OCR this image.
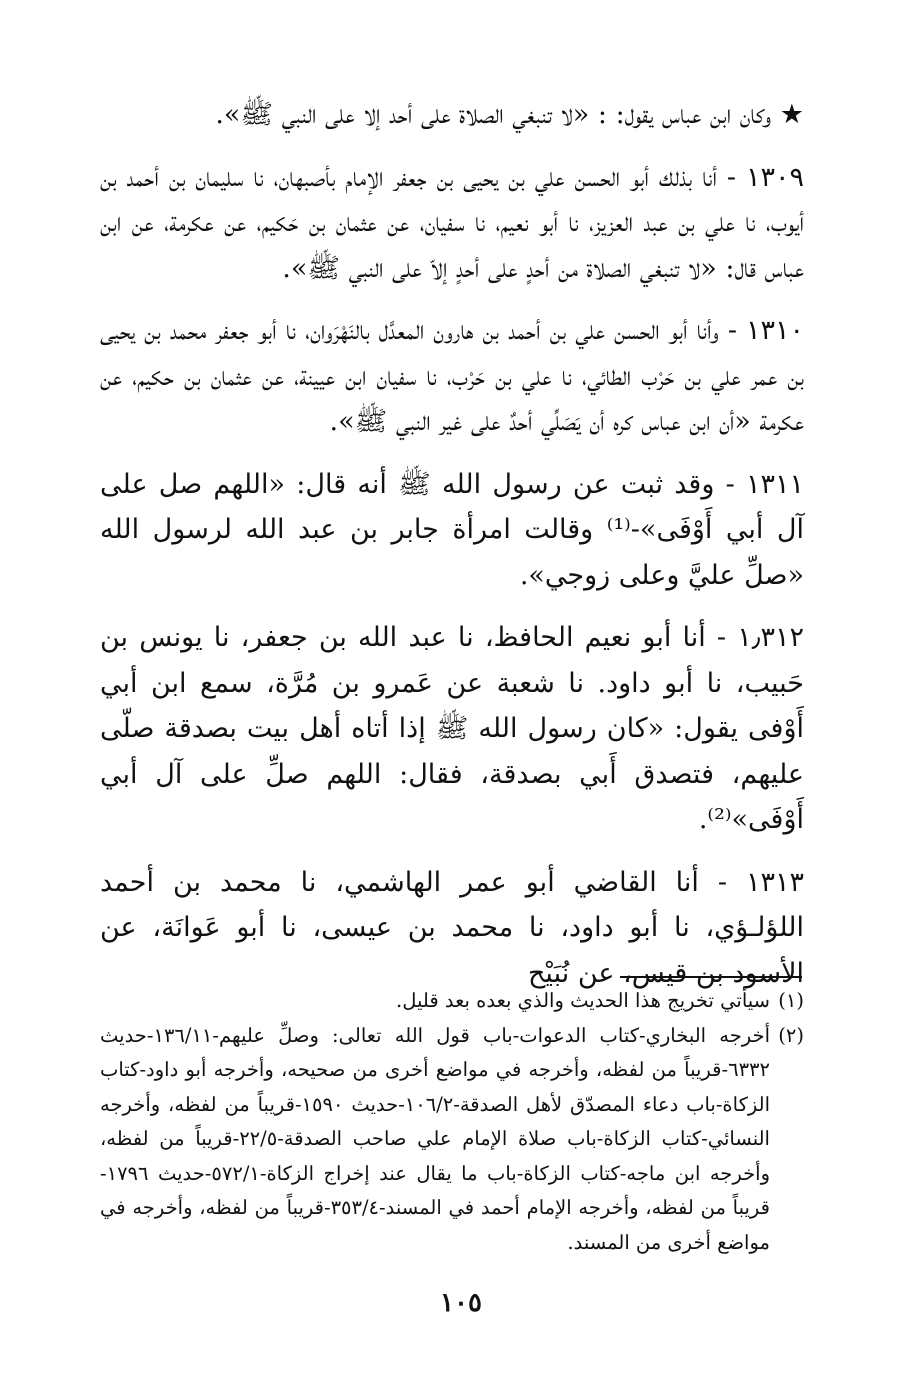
★ وكان ابن عباس يقول: : «لا تنبغي الصلاة على أحد إلا على النبي ﷺ».

١٣٠٩ - أنا بذلك أبو الحسن علي بن يحيى بن جعفر الإمام بأصبهان، نا سليمان بن أحمد بن أيوب، نا علي بن عبد العزيز، نا أبو نعيم، نا سفيان، عن عثمان بن حَكيم، عن عكرمة، عن ابن عباس قال: «لا تنبغي الصلاة من أحدٍ على أحدٍ إلاّ على النبي ﷺ».

١٣١٠ - وأنا أبو الحسن علي بن أحمد بن هارون المعدَّل بالنَهْرَوان، نا أبو جعفر محمد بن يحيى بن عمر علي بن حَرْب الطائي، نا علي بن حَرْب، نا سفيان ابن عيينة، عن عثمان بن حكيم، عن عكرمة «أن ابن عباس كره أن يَصَلِّي أحدٌ على غير النبي ﷺ».

١٣١١ - وقد ثبت عن رسول الله ﷺ أنه قال: «اللهم صل على آل أبي أَوْفَى»-⁽¹⁾ وقالت امرأة جابر بن عبد الله لرسول الله «صلِّ عليَّ وعلى زوجي».

١٫٣١٢ - أنا أبو نعيم الحافظ، نا عبد الله بن جعفر، نا يونس بن حَبيب، نا أبو داود. نا شعبة عن عَمرو بن مُرَّة، سمع ابن أبي أَوْفى يقول: «كان رسول الله ﷺ إذا أتاه أهل بيت بصدقة صلّى عليهم، فتصدق أَبي بصدقة، فقال: اللهم صلِّ على آل أبي أَوْفَى»⁽²⁾.

١٣١٣ - أنا القاضي أبو عمر الهاشمي، نا محمد بن أحمد اللؤلـؤي، نا أبو داود، نا محمد بن عيسى، نا أبو عَوانَة، عن الأسود بن قيس، عن نُبَيْح

(١)
سيأتي تخريج هذا الحديث والذي بعده بعد قليل.

(٢)
أخرجه البخاري-كتاب الدعوات-باب قول الله تعالى: وصلِّ عليهم-١٣٦/١١-حديث ٦٣٣٢-قريباً من لفظه، وأخرجه في مواضع أخرى من صحيحه، وأخرجه أبو داود-كتاب الزكاة-باب دعاء المصدّق لأهل الصدقة-١٠٦/٢-حديث ١٥٩٠-قريباً من لفظه، وأخرجه النسائي-كتاب الزكاة-باب صلاة الإمام علي صاحب الصدقة-٢٢/٥-قريباً من لفظه، وأخرجه ابن ماجه-كتاب الزكاة-باب ما يقال عند إخراج الزكاة-٥٧٢/١-حديث ١٧٩٦-قريباً من لفظه، وأخرجه الإمام أحمد في المسند-٣٥٣/٤-قريباً من لفظه، وأخرجه في مواضع أخرى من المسند.

١٠٥
